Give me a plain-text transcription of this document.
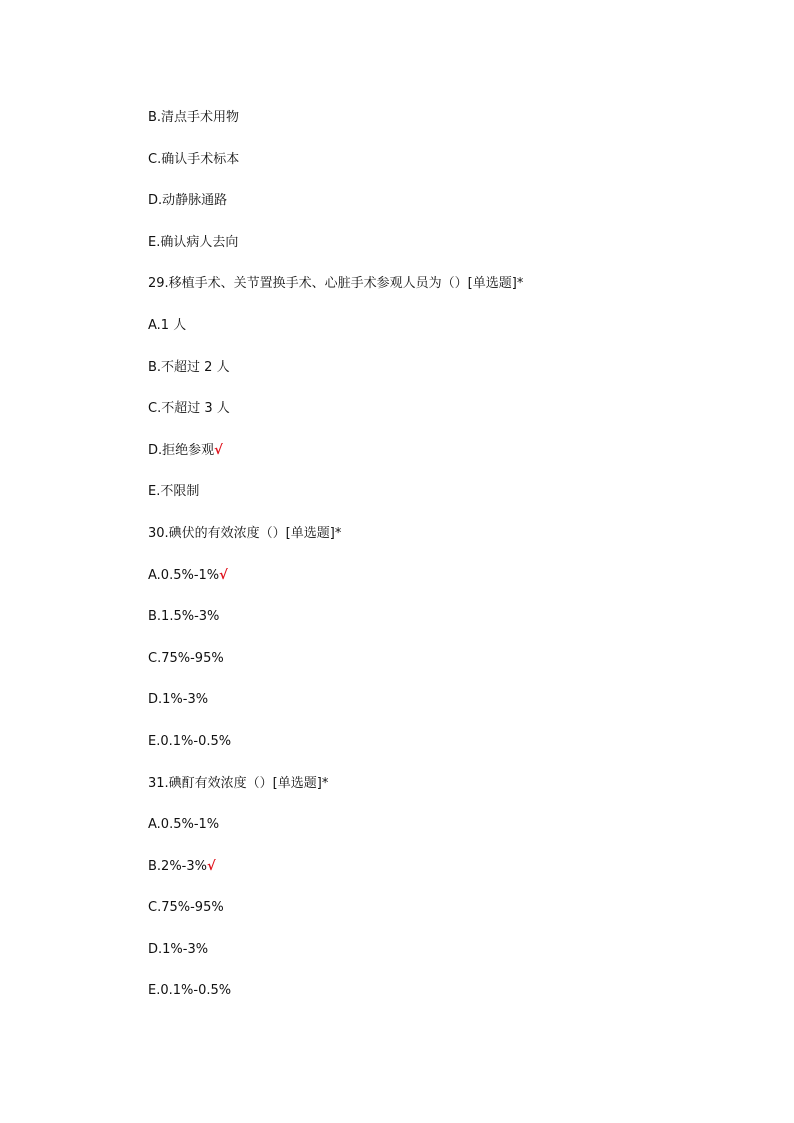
B.清点手术用物
C.确认手术标本
D.动静脉通路
E.确认病人去向
29.移植手术、关节置换手术、心脏手术参观人员为（）[单选题]*
A.1 人
B.不超过 2 人
C.不超过 3 人
D.拒绝参观√
E.不限制
30.碘伏的有效浓度（）[单选题]*
A.0.5%-1%√
B.1.5%-3%
C.75%-95%
D.1%-3%
E.0.1%-0.5%
31.碘酊有效浓度（）[单选题]*
A.0.5%-1%
B.2%-3%√
C.75%-95%
D.1%-3%
E.0.1%-0.5%
